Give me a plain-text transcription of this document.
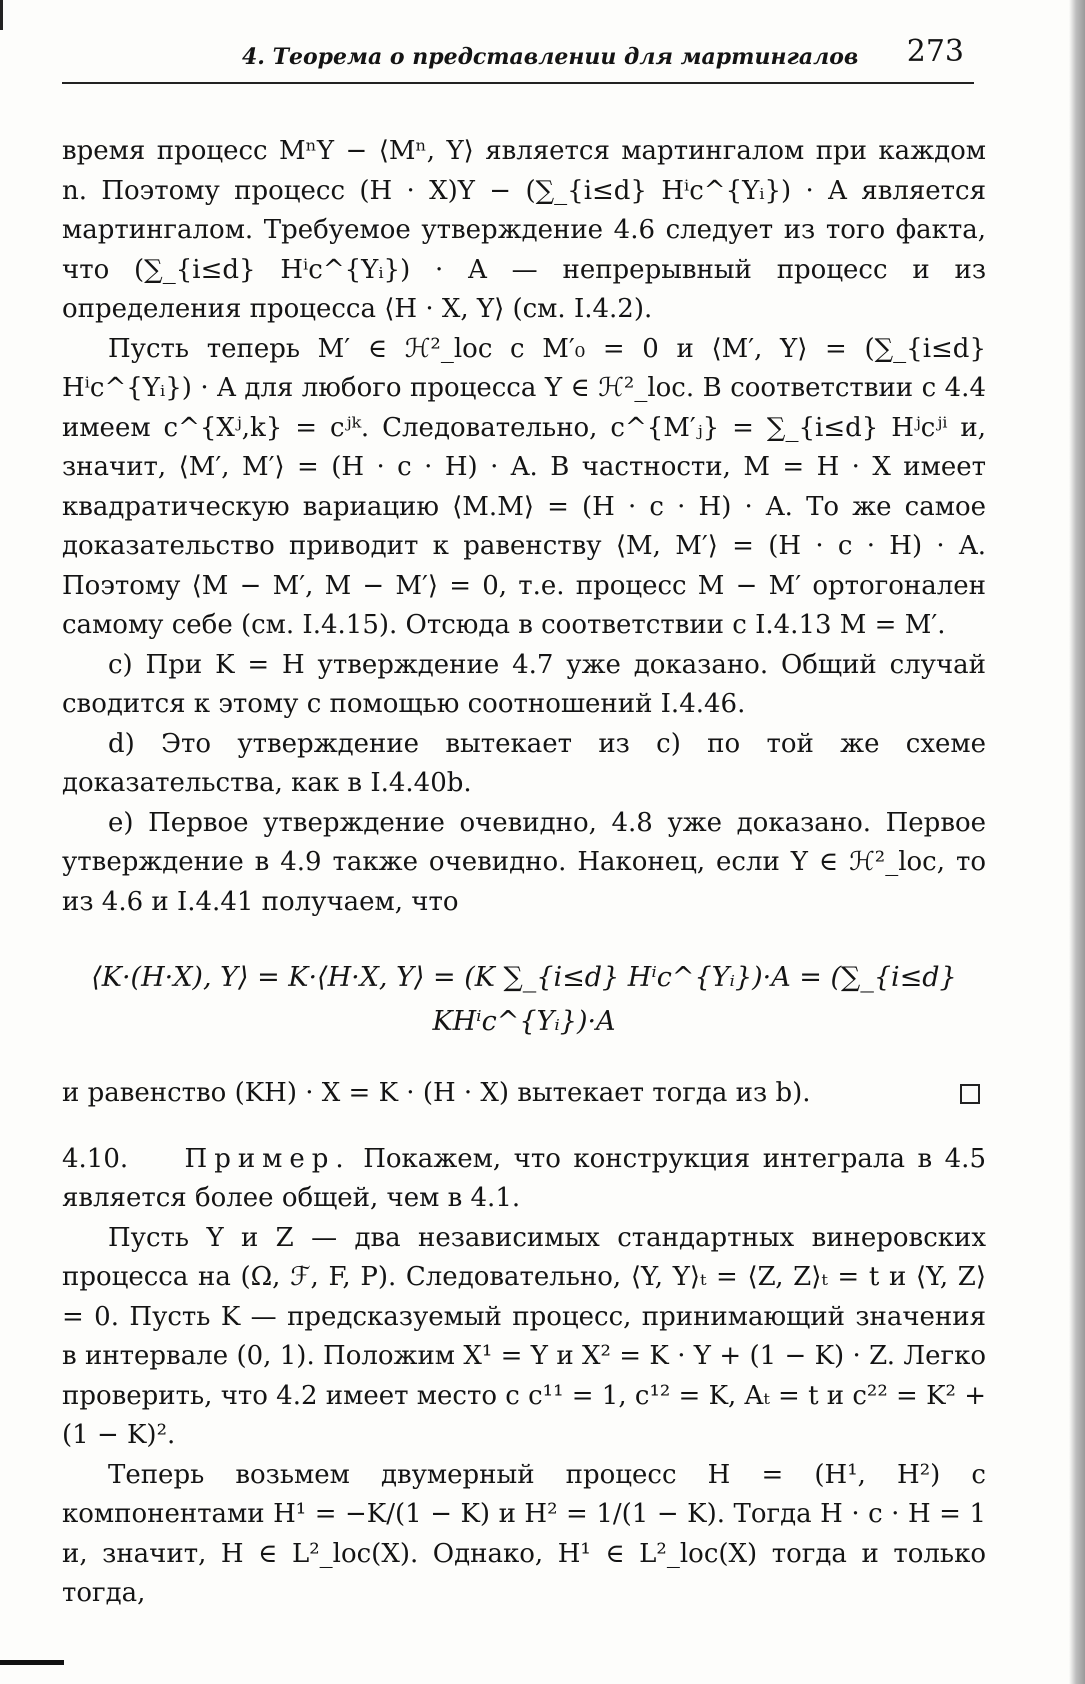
4. Теорема о представлении для мартингалов 273

время процесс MⁿY − ⟨Mⁿ, Y⟩ является мартингалом при каждом n. Поэтому процесс (H · X)Y − (∑_{i≤d} Hⁱc^{Yᵢ}) · A является мартингалом. Требуемое утверждение 4.6 следует из того факта, что (∑_{i≤d} Hⁱc^{Yᵢ}) · A — непрерывный процесс и из определения процесса ⟨H · X, Y⟩ (см. I.4.2).

Пусть теперь M′ ∈ ℋ²_loc с M′₀ = 0 и ⟨M′, Y⟩ = (∑_{i≤d} Hⁱc^{Yᵢ}) · A для любого процесса Y ∈ ℋ²_loc. В соответствии с 4.4 имеем c^{Xʲ,k} = cʲᵏ. Следовательно, c^{M′ⱼ} = ∑_{i≤d} Hʲcʲⁱ и, значит, ⟨M′, M′⟩ = (H · c · H) · A. В частности, M = H · X имеет квадратическую вариацию ⟨M.M⟩ = (H · c · H) · A. То же самое доказательство приводит к равенству ⟨M, M′⟩ = (H · c · H) · A. Поэтому ⟨M − M′, M − M′⟩ = 0, т.е. процесс M − M′ ортогонален самому себе (см. I.4.15). Отсюда в соответствии с I.4.13 M = M′.

c) При K = H утверждение 4.7 уже доказано. Общий случай сводится к этому с помощью соотношений I.4.46.

d) Это утверждение вытекает из c) по той же схеме доказательства, как в I.4.40b.

e) Первое утверждение очевидно, 4.8 уже доказано. Первое утверждение в 4.9 также очевидно. Наконец, если Y ∈ ℋ²_loc, то из 4.6 и I.4.41 получаем, что

⟨K·(H·X), Y⟩ = K·⟨H·X, Y⟩ = (K ∑_{i≤d} Hⁱc^{Yᵢ})·A = (∑_{i≤d} KHⁱc^{Yᵢ})·A

и равенство (KH) · X = K · (H · X) вытекает тогда из b).

4.10. Пример. Покажем, что конструкция интеграла в 4.5 является более общей, чем в 4.1.

Пусть Y и Z — два независимых стандартных винеровских процесса на (Ω, ℱ, F, P). Следовательно, ⟨Y, Y⟩ₜ = ⟨Z, Z⟩ₜ = t и ⟨Y, Z⟩ = 0. Пусть K — предсказуемый процесс, принимающий значения в интервале (0, 1). Положим X¹ = Y и X² = K · Y + (1 − K) · Z. Легко проверить, что 4.2 имеет место с c¹¹ = 1, c¹² = K, Aₜ = t и c²² = K² + (1 − K)².

Теперь возьмем двумерный процесс H = (H¹, H²) с компонентами H¹ = −K/(1 − K) и H² = 1/(1 − K). Тогда H · c · H = 1 и, значит, H ∈ L²_loc(X). Однако, H¹ ∈ L²_loc(X) тогда и только тогда,
